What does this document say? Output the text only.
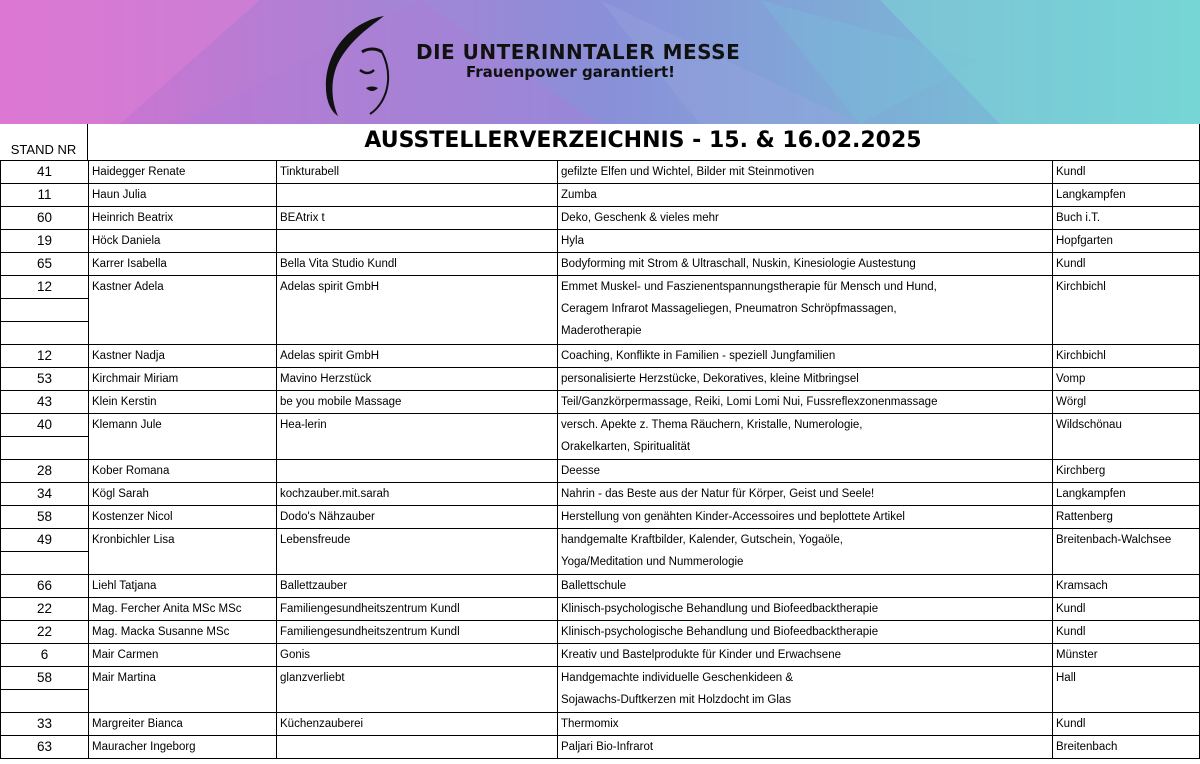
DIE UNTERINNTALER MESSE
Frauenpower garantiert!
STAND NR	AUSSTELLERVERZEICHNIS - 15. & 16.02.2025
41	Haidegger Renate	Tinkturabell	gefilzte Elfen und Wichtel, Bilder mit Steinmotiven	Kundl

11	Haun Julia		Zumba	Langkampfen

60	Heinrich Beatrix	BEAtrix t	Deko, Geschenk & vieles mehr	Buch i.T.

19	Höck Daniela		Hyla	Hopfgarten

65	Karrer Isabella	Bella Vita Studio Kundl	Bodyforming mit Strom & Ultraschall, Nuskin, Kinesiologie Austestung	Kundl

12	Kastner Adela	Adelas spirit GmbH	Emmet Muskel- und Faszienentspannungstherapie für Mensch und Hund,
Ceragem Infrarot Massageliegen, Pneumatron Schröpfmassagen,
Maderotherapie	Kirchbichl

12	Kastner Nadja	Adelas spirit GmbH	Coaching, Konflikte in Familien - speziell Jungfamilien	Kirchbichl

53	Kirchmair Miriam	Mavino Herzstück	personalisierte Herzstücke, Dekoratives, kleine Mitbringsel	Vomp

43	Klein Kerstin	be you mobile Massage	Teil/Ganzkörpermassage, Reiki, Lomi Lomi Nui, Fussreflexzonenmassage	Wörgl

40	Klemann Jule	Hea-lerin	versch. Apekte z. Thema Räuchern, Kristalle, Numerologie,
Orakelkarten, Spiritualität	Wildschönau

28	Kober Romana		Deesse	Kirchberg

34	Kögl Sarah	kochzauber.mit.sarah	Nahrin - das Beste aus der Natur für Körper, Geist und Seele!	Langkampfen

58	Kostenzer Nicol	Dodo's Nähzauber	Herstellung von genähten Kinder-Accessoires und beplottete Artikel	Rattenberg

49	Kronbichler Lisa	Lebensfreude	handgemalte Kraftbilder, Kalender, Gutschein, Yogaöle,
Yoga/Meditation und Nummerologie	Breitenbach-Walchsee

66	Liehl Tatjana	Ballettzauber	Ballettschule	Kramsach

22	Mag. Fercher Anita MSc MSc	Familiengesundheitszentrum Kundl	Klinisch-psychologische Behandlung und Biofeedbacktherapie	Kundl

22	Mag. Macka Susanne MSc	Familiengesundheitszentrum Kundl	Klinisch-psychologische Behandlung und Biofeedbacktherapie	Kundl

6	Mair Carmen	Gonis	Kreativ und Bastelprodukte für Kinder und Erwachsene	Münster

58	Mair Martina	glanzverliebt	Handgemachte individuelle Geschenkideen &
Sojawachs-Duftkerzen mit Holzdocht im Glas	Hall

33	Margreiter Bianca	Küchenzauberei	Thermomix	Kundl

63	Mauracher Ingeborg		Paljari Bio-Infrarot	Breitenbach
